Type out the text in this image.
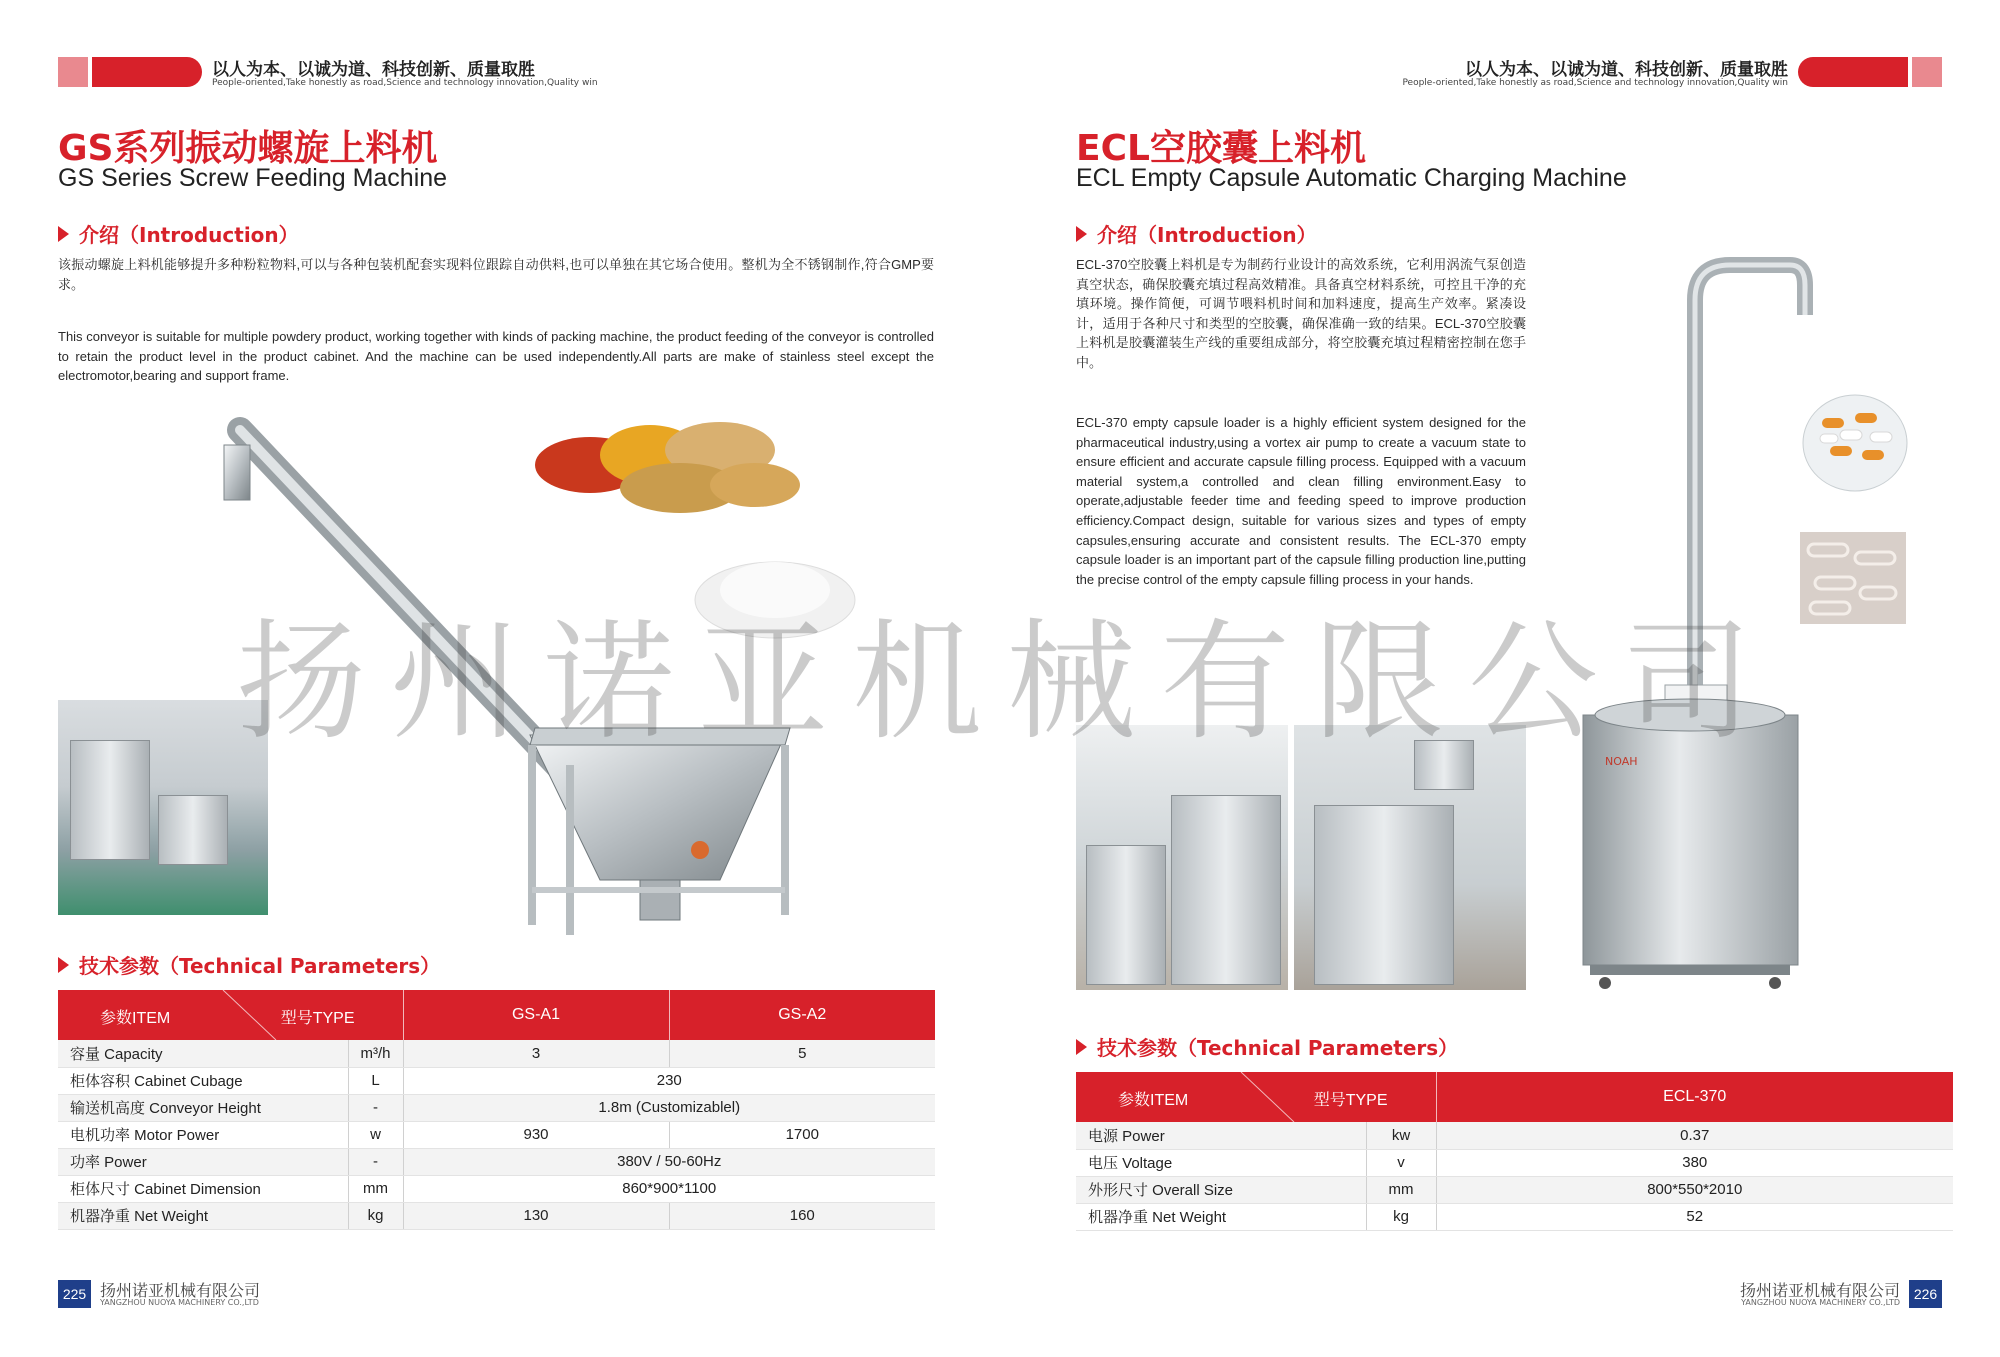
以人为本、以诚为道、科技创新、质量取胜
People-oriented,Take honestly as road,Science and technology innovation,Quality win
GS系列振动螺旋上料机
GS Series Screw Feeding Machine
介绍（Introduction）
该振动螺旋上料机能够提升多种粉粒物料,可以与各种包装机配套实现料位跟踪自动供料,也可以单独在其它场合使用。整机为全不锈钢制作,符合GMP要求。
This conveyor is suitable for multiple powdery product, working together with kinds of packing machine, the product feeding of the conveyor is controlled to retain the product level in the product cabinet. And the machine can be used independently.All parts are make of stainless steel except the electromotor,bearing and support frame.
技术参数（Technical Parameters）
参数ITEM 型号TYPE		GS-A1	GS-A2
容量 Capacity	m³/h	3	5
柜体容积 Cabinet Cubage	L	230	
输送机高度 Conveyor Height	-	1.8m (Customizablel)	
电机功率 Motor Power	w	930	1700
功率 Power	-	380V / 50-60Hz	
柜体尺寸 Cabinet Dimension	mm	860*900*1100	
机器净重 Net Weight	kg	130	160
225 扬州诺亚机械有限公司
YANGZHOU NUOYA MACHINERY CO.,LTD
以人为本、以诚为道、科技创新、质量取胜
People-oriented,Take honestly as road,Science and technology innovation,Quality win
ECL空胶囊上料机
ECL Empty Capsule Automatic Charging Machine
介绍（Introduction）
ECL-370空胶囊上料机是专为制药行业设计的高效系统，它利用涡流气泵创造真空状态，确保胶囊充填过程高效精准。具备真空材料系统，可控且干净的充填环境。操作简便，可调节喂料机时间和加料速度，提高生产效率。紧凑设计，适用于各种尺寸和类型的空胶囊，确保准确一致的结果。ECL-370空胶囊上料机是胶囊灌装生产线的重要组成部分，将空胶囊充填过程精密控制在您手中。
ECL-370 empty capsule loader is a highly efficient system designed for the pharmaceutical industry,using a vortex air pump to create a vacuum state to ensure efficient and accurate capsule filling process. Equipped with a vacuum material system,a controlled and clean filling environment.Easy to operate,adjustable feeder time and feeding speed to improve production efficiency.Compact design, suitable for various sizes and types of empty capsules,ensuring accurate and consistent results. The ECL-370 empty capsule loader is an important part of the capsule filling production line,putting the precise control of the empty capsule filling process in your hands.
NOAH
技术参数（Technical Parameters）
参数ITEM 型号TYPE		ECL-370
电源 Power	kw	0.37
电压 Voltage	v	380
外形尺寸 Overall Size	mm	800*550*2010
机器净重 Net Weight	kg	52
226
扬州诺亚机械有限公司
YANGZHOU NUOYA MACHINERY CO.,LTD
扬州诺亚机械有限公司
